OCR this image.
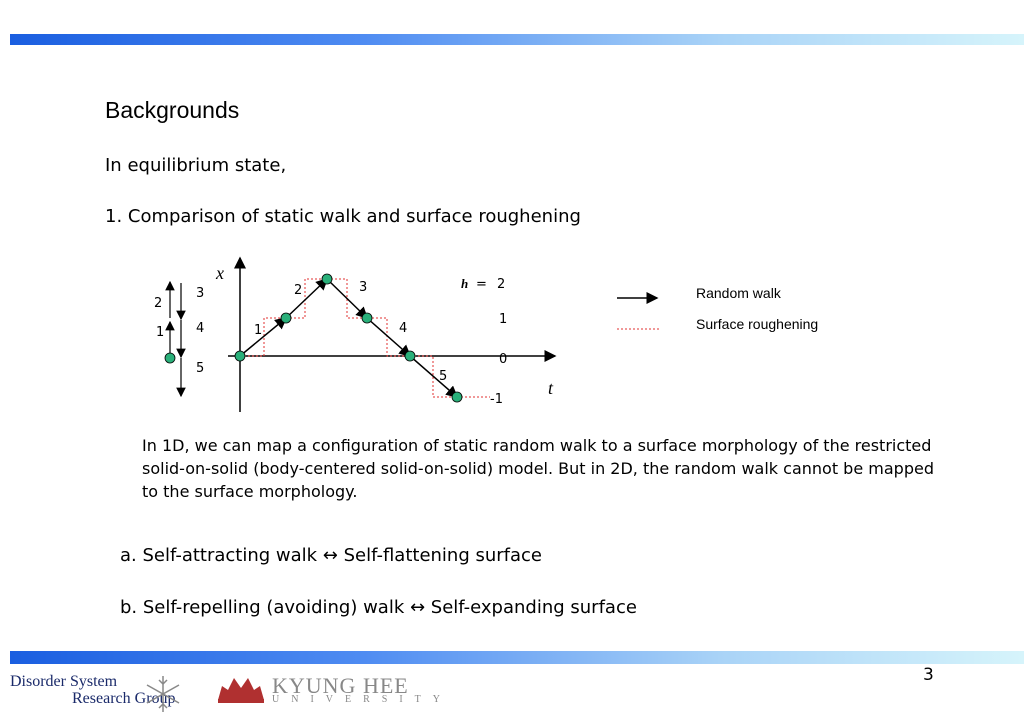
Backgrounds
In equilibrium state,
1. Comparison of static walk and surface roughening
x
t
2
1
3
4
5
1
2	3
4
5
h = 2
1
0
-1
Random walk
Surface roughening
In 1D, we can map a configuration of static random walk to a surface morphology of the restricted solid-on-solid (body-centered solid-on-solid) model. But in 2D, the random walk cannot be mapped to the surface morphology.
a. Self-attracting walk ↔ Self-flattening surface
b. Self-repelling (avoiding) walk ↔ Self-expanding surface
3
Disorder System
Research Group
KYUNG HEE
UNIVERSITY
